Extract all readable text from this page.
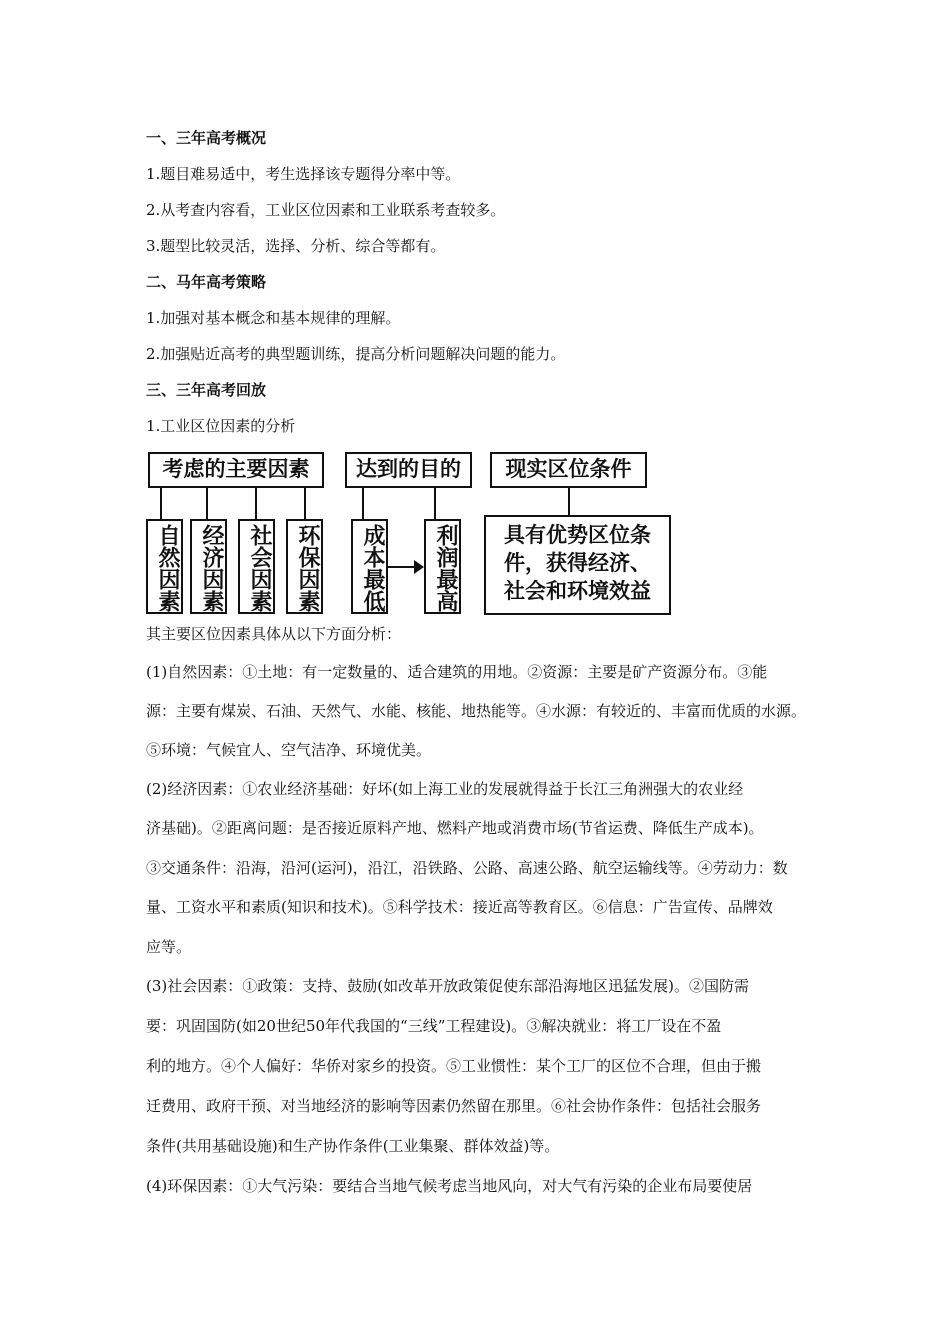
一、三年高考概况
1.题目难易适中，考生选择该专题得分率中等。
2.从考查内容看，工业区位因素和工业联系考查较多。
3.题型比较灵活，选择、分析、综合等都有。
二、马年高考策略
1.加强对基本概念和基本规律的理解。
2.加强贴近高考的典型题训练，提高分析问题解决问题的能力。
三、三年高考回放
1.工业区位因素的分析
考虑的主要因素	达到的目的	现实区位条件
自然因素 经济因素	社会因素	环保因素	成本最低	利润最高	具有优势区位条
件，获得经济、
社会和环境效益
其主要区位因素具体从以下方面分析：
(1)自然因素：①土地：有一定数量的、适合建筑的用地。②资源：主要是矿产资源分布。③能
源：主要有煤炭、石油、天然气、水能、核能、地热能等。④水源：有较近的、丰富而优质的水源。
⑤环境：气候宜人、空气洁净、环境优美。
(2)经济因素：①农业经济基础：好坏(如上海工业的发展就得益于长江三角洲强大的农业经
济基础)。②距离问题：是否接近原料产地、燃料产地或消费市场(节省运费、降低生产成本)。
③交通条件：沿海，沿河(运河)，沿江，沿铁路、公路、高速公路、航空运输线等。④劳动力：数
量、工资水平和素质(知识和技术)。⑤科学技术：接近高等教育区。⑥信息：广告宣传、品牌效
应等。
(3)社会因素：①政策：支持、鼓励(如改革开放政策促使东部沿海地区迅猛发展)。②国防需
要：巩固国防(如20世纪50年代我国的“三线”工程建设)。③解决就业：将工厂设在不盈
利的地方。④个人偏好：华侨对家乡的投资。⑤工业惯性：某个工厂的区位不合理，但由于搬
迁费用、政府干预、对当地经济的影响等因素仍然留在那里。⑥社会协作条件：包括社会服务
条件(共用基础设施)和生产协作条件(工业集聚、群体效益)等。
(4)环保因素：①大气污染：要结合当地气候考虑当地风向，对大气有污染的企业布局要使居
